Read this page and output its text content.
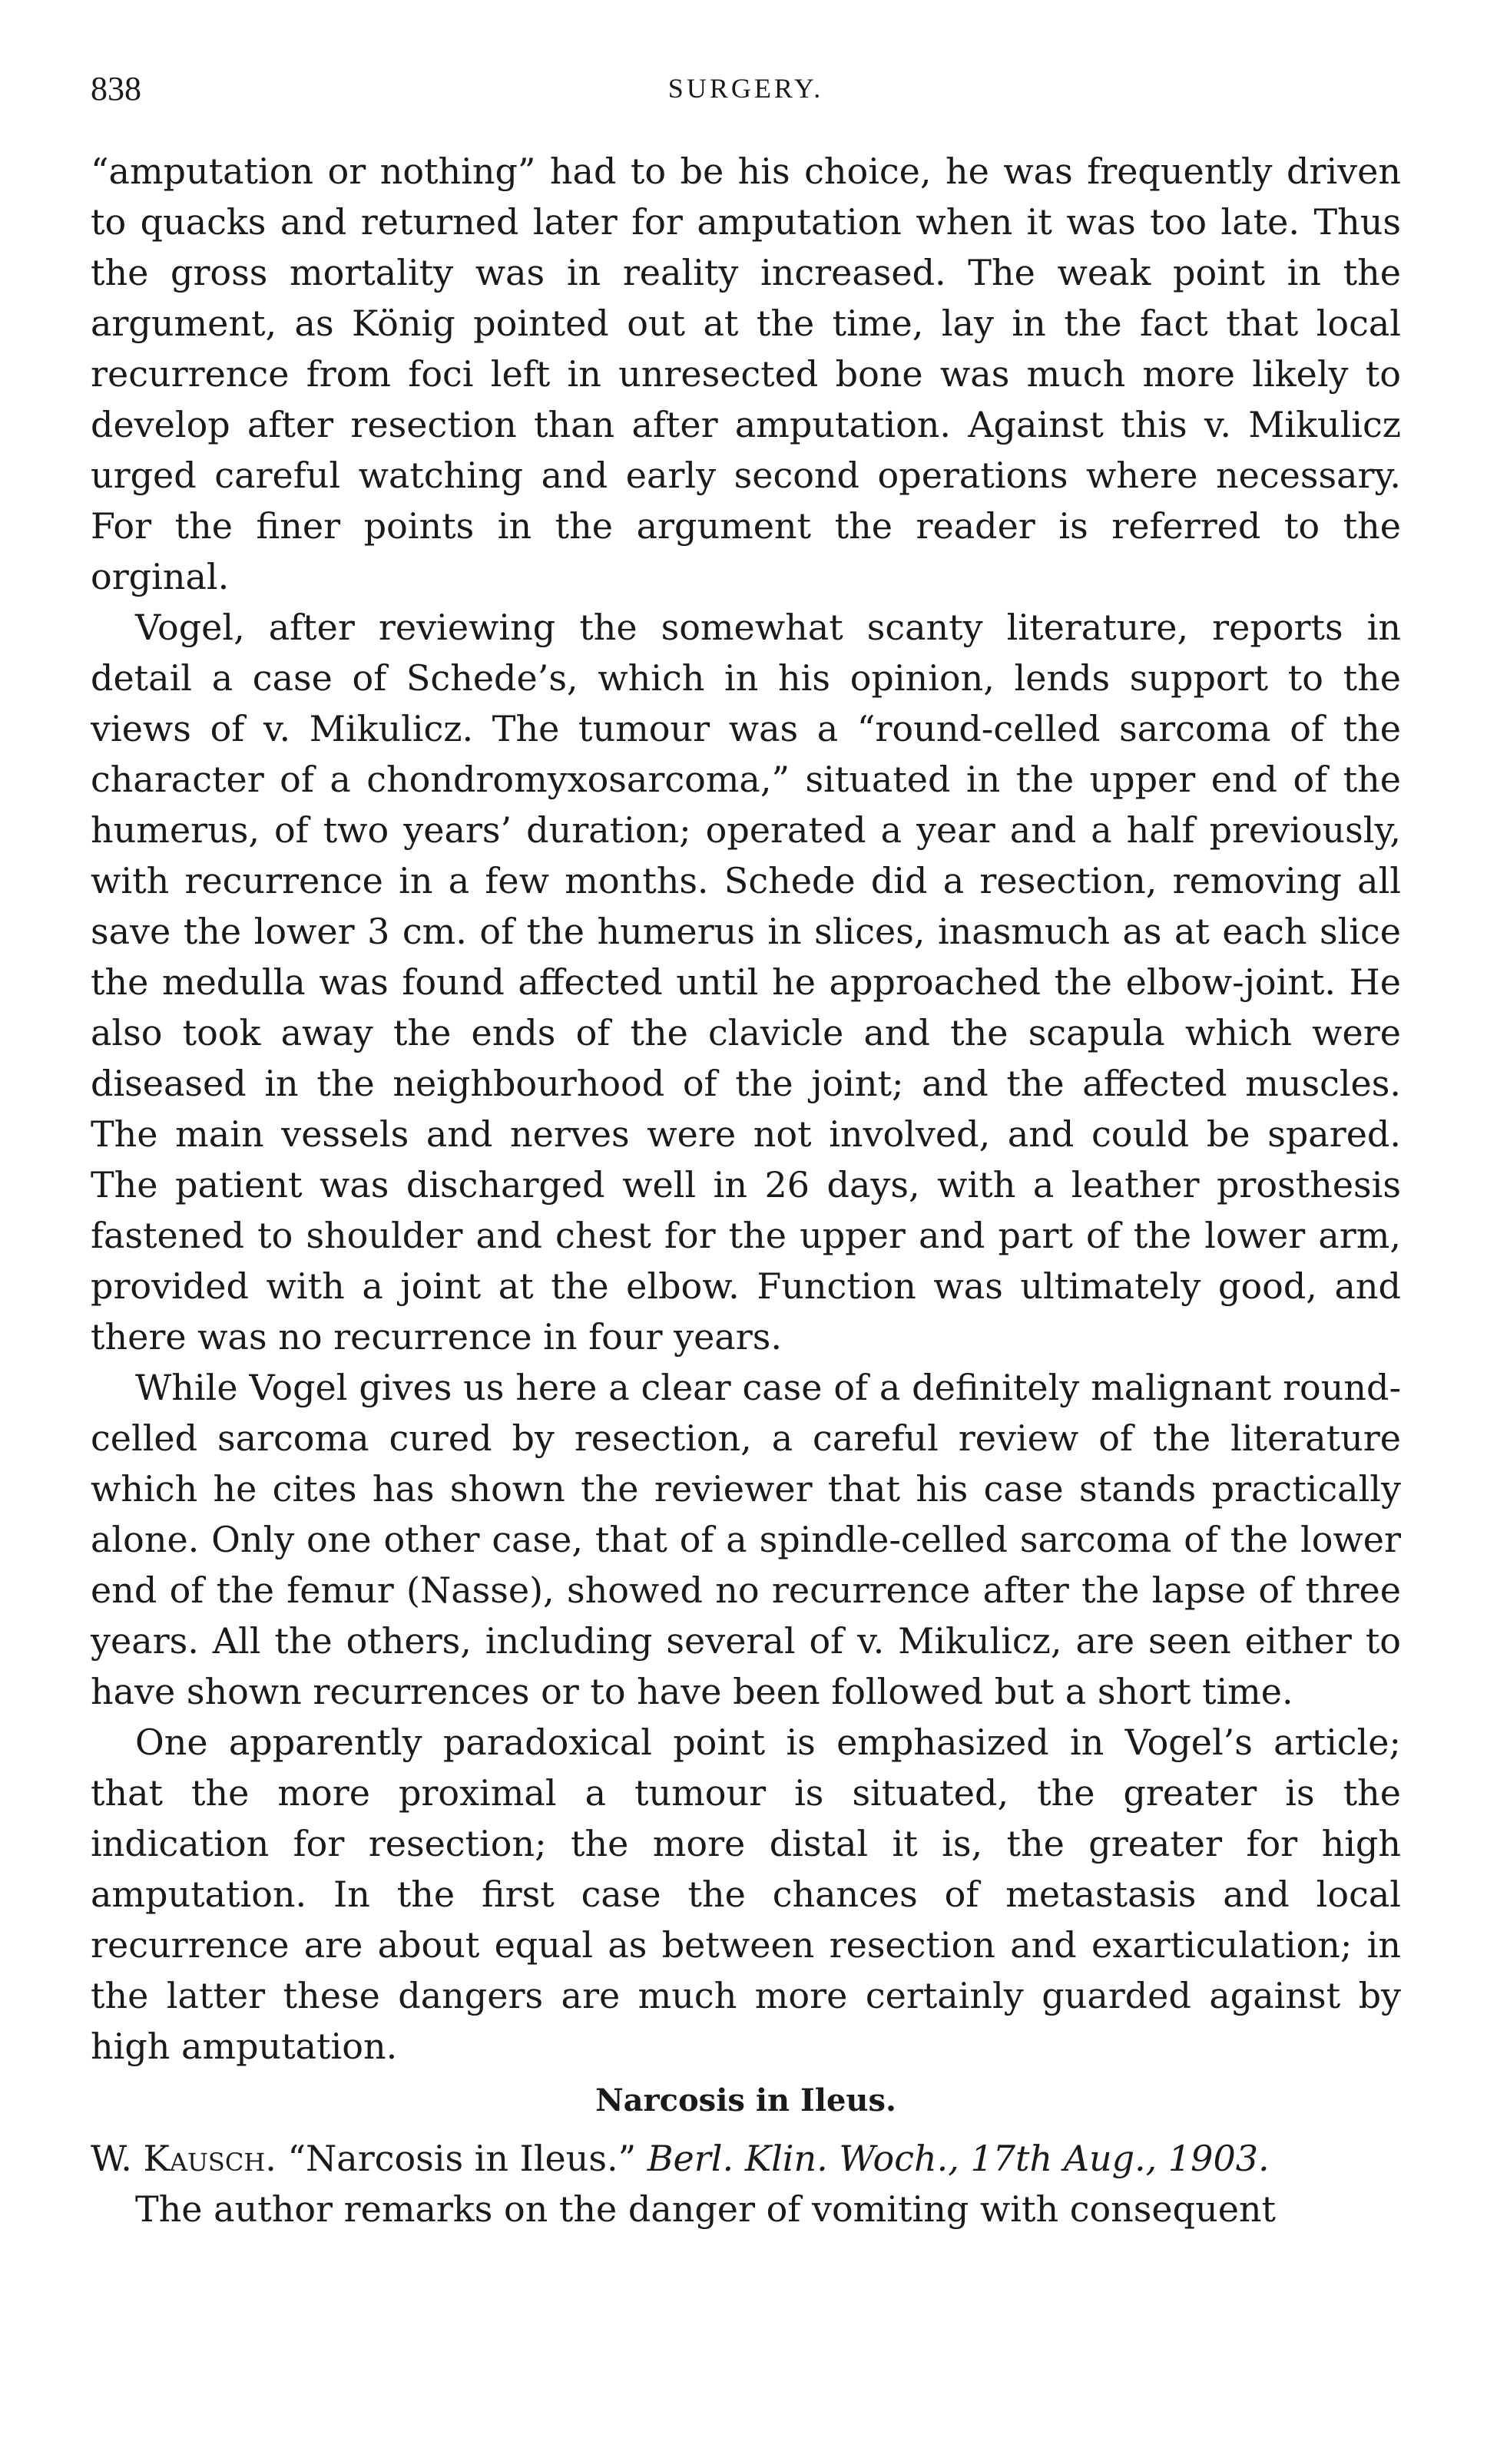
838	SURGERY.

“amputation or nothing” had to be his choice, he was frequently driven to quacks and returned later for amputation when it was too late. Thus the gross mortality was in reality increased. The weak point in the argument, as König pointed out at the time, lay in the fact that local recurrence from foci left in unresected bone was much more likely to develop after resection than after amputation. Against this v. Mikulicz urged careful watching and early second operations where necessary. For the finer points in the argument the reader is referred to the orginal.

Vogel, after reviewing the somewhat scanty literature, reports in detail a case of Schede’s, which in his opinion, lends support to the views of v. Mikulicz. The tumour was a “round-celled sarcoma of the character of a chondromyxosarcoma,” situated in the upper end of the humerus, of two years’ duration; operated a year and a half previously, with recurrence in a few months. Schede did a resection, removing all save the lower 3 cm. of the humerus in slices, inasmuch as at each slice the medulla was found affected until he approached the elbow-joint. He also took away the ends of the clavicle and the scapula which were diseased in the neighbourhood of the joint; and the affected muscles. The main vessels and nerves were not involved, and could be spared. The patient was discharged well in 26 days, with a leather prosthesis fastened to shoulder and chest for the upper and part of the lower arm, provided with a joint at the elbow. Function was ultimately good, and there was no recurrence in four years.

While Vogel gives us here a clear case of a definitely malignant round-celled sarcoma cured by resection, a careful review of the literature which he cites has shown the reviewer that his case stands practically alone. Only one other case, that of a spindle-celled sarcoma of the lower end of the femur (Nasse), showed no recurrence after the lapse of three years. All the others, including several of v. Mikulicz, are seen either to have shown recurrences or to have been followed but a short time.

One apparently paradoxical point is emphasized in Vogel’s article; that the more proximal a tumour is situated, the greater is the indication for resection; the more distal it is, the greater for high amputation. In the first case the chances of metastasis and local recurrence are about equal as between resection and exarticulation; in the latter these dangers are much more certainly guarded against by high amputation.

Narcosis in Ileus.

W. Kausch. “Narcosis in Ileus.” Berl. Klin. Woch., 17th Aug., 1903.

The author remarks on the danger of vomiting with consequent
